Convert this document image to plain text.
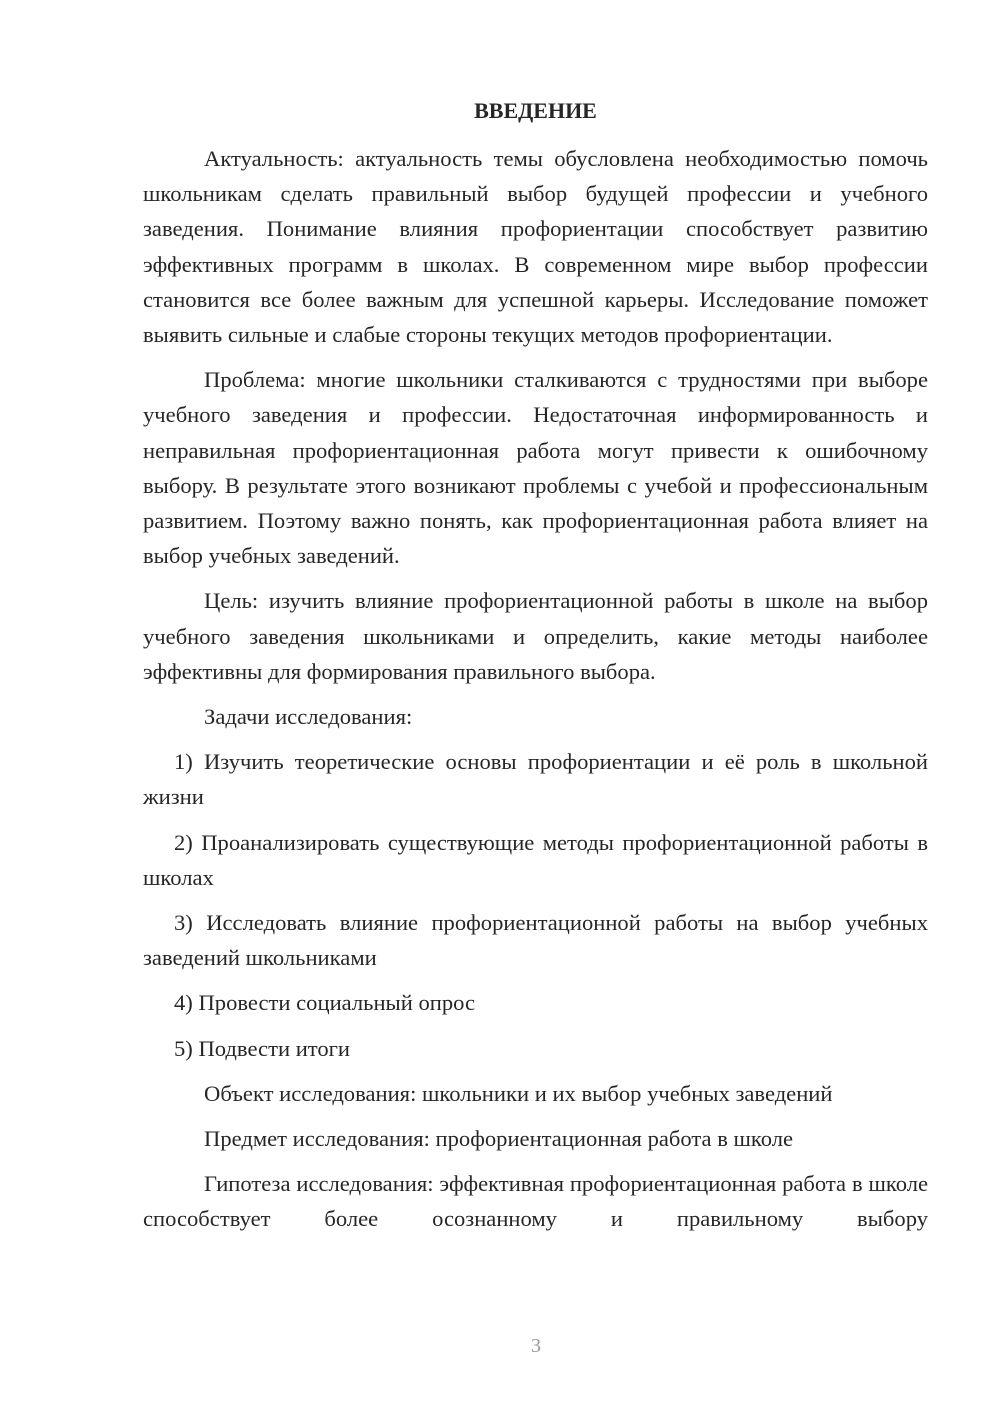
ВВЕДЕНИЕ

Актуальность: актуальность темы обусловлена необходимостью помочь школьникам сделать правильный выбор будущей профессии и учебного заведения. Понимание влияния профориентации способствует развитию эффективных программ в школах. В современном мире выбор профессии становится все более важным для успешной карьеры. Исследование поможет выявить сильные и слабые стороны текущих методов профориентации.

Проблема: многие школьники сталкиваются с трудностями при выборе учебного заведения и профессии. Недостаточная информированность и неправильная профориентационная работа могут привести к ошибочному выбору. В результате этого возникают проблемы с учебой и профессиональным развитием. Поэтому важно понять, как профориентационная работа влияет на выбор учебных заведений.

Цель: изучить влияние профориентационной работы в школе на выбор учебного заведения школьниками и определить, какие методы наиболее эффективны для формирования правильного выбора.

Задачи исследования:

1) Изучить теоретические основы профориентации и её роль в школьной жизни

2) Проанализировать существующие методы профориентационной работы в школах

3) Исследовать влияние профориентационной работы на выбор учебных заведений школьниками

4) Провести социальный опрос

5) Подвести итоги

Объект исследования: школьники и их выбор учебных заведений

Предмет исследования: профориентационная работа в школе

Гипотеза исследования: эффективная профориентационная работа в школе способствует более осознанному и правильному выбору

3
